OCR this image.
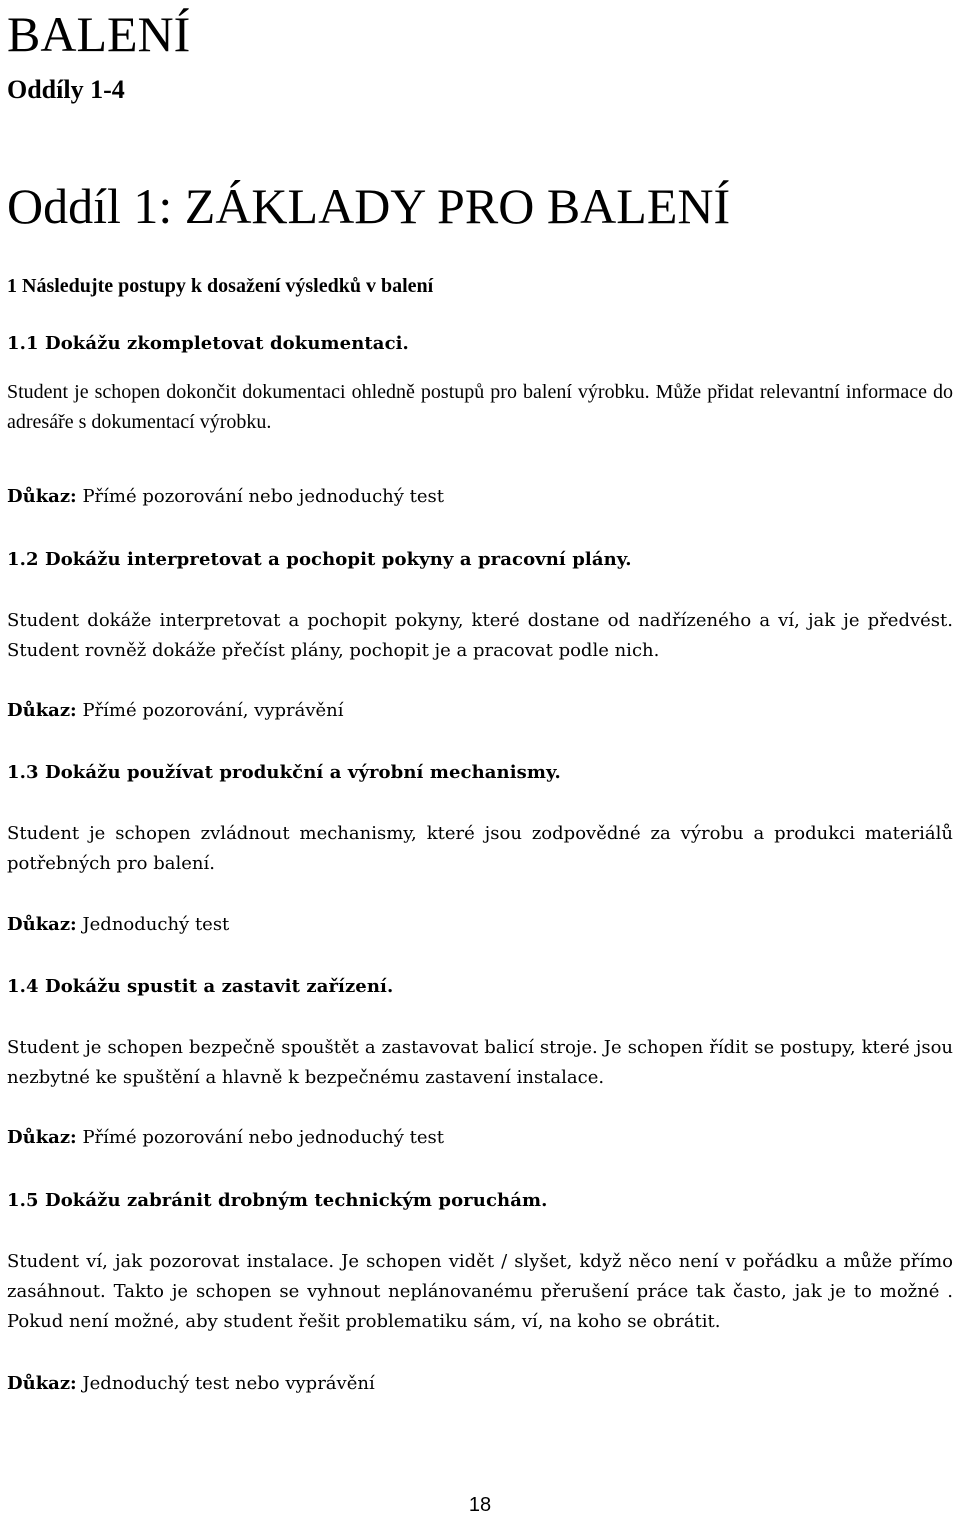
BALENÍ
Oddíly 1-4
Oddíl 1: ZÁKLADY PRO BALENÍ
1 Následujte postupy k dosažení výsledků v balení
1.1 Dokážu zkompletovat dokumentaci.
Student je schopen dokončit dokumentaci ohledně postupů pro balení výrobku. Může přidat relevantní informace do adresáře s dokumentací výrobku.
Důkaz: Přímé pozorování nebo jednoduchý test
1.2 Dokážu interpretovat a pochopit pokyny a pracovní plány.
Student dokáže interpretovat a pochopit pokyny, které dostane od nadřízeného a ví, jak je předvést. Student rovněž dokáže přečíst plány, pochopit je a pracovat podle nich.
Důkaz: Přímé pozorování, vyprávění
1.3 Dokážu používat produkční a výrobní mechanismy.
Student je schopen zvládnout mechanismy, které jsou zodpovědné za výrobu a produkci materiálů potřebných pro balení.
Důkaz: Jednoduchý test
1.4 Dokážu spustit a zastavit zařízení.
Student je schopen bezpečně spouštět a zastavovat balicí stroje. Je schopen řídit se postupy, které jsou nezbytné ke spuštění a hlavně k bezpečnému zastavení instalace.
Důkaz: Přímé pozorování nebo jednoduchý test
1.5 Dokážu zabránit drobným technickým poruchám.
Student ví, jak pozorovat instalace. Je schopen vidět / slyšet, když něco není v pořádku a může přímo zasáhnout. Takto je schopen se vyhnout neplánovanému přerušení práce tak často, jak je to možné . Pokud není možné, aby student řešit problematiku sám, ví, na koho se obrátit.
Důkaz: Jednoduchý test nebo vyprávění
18
